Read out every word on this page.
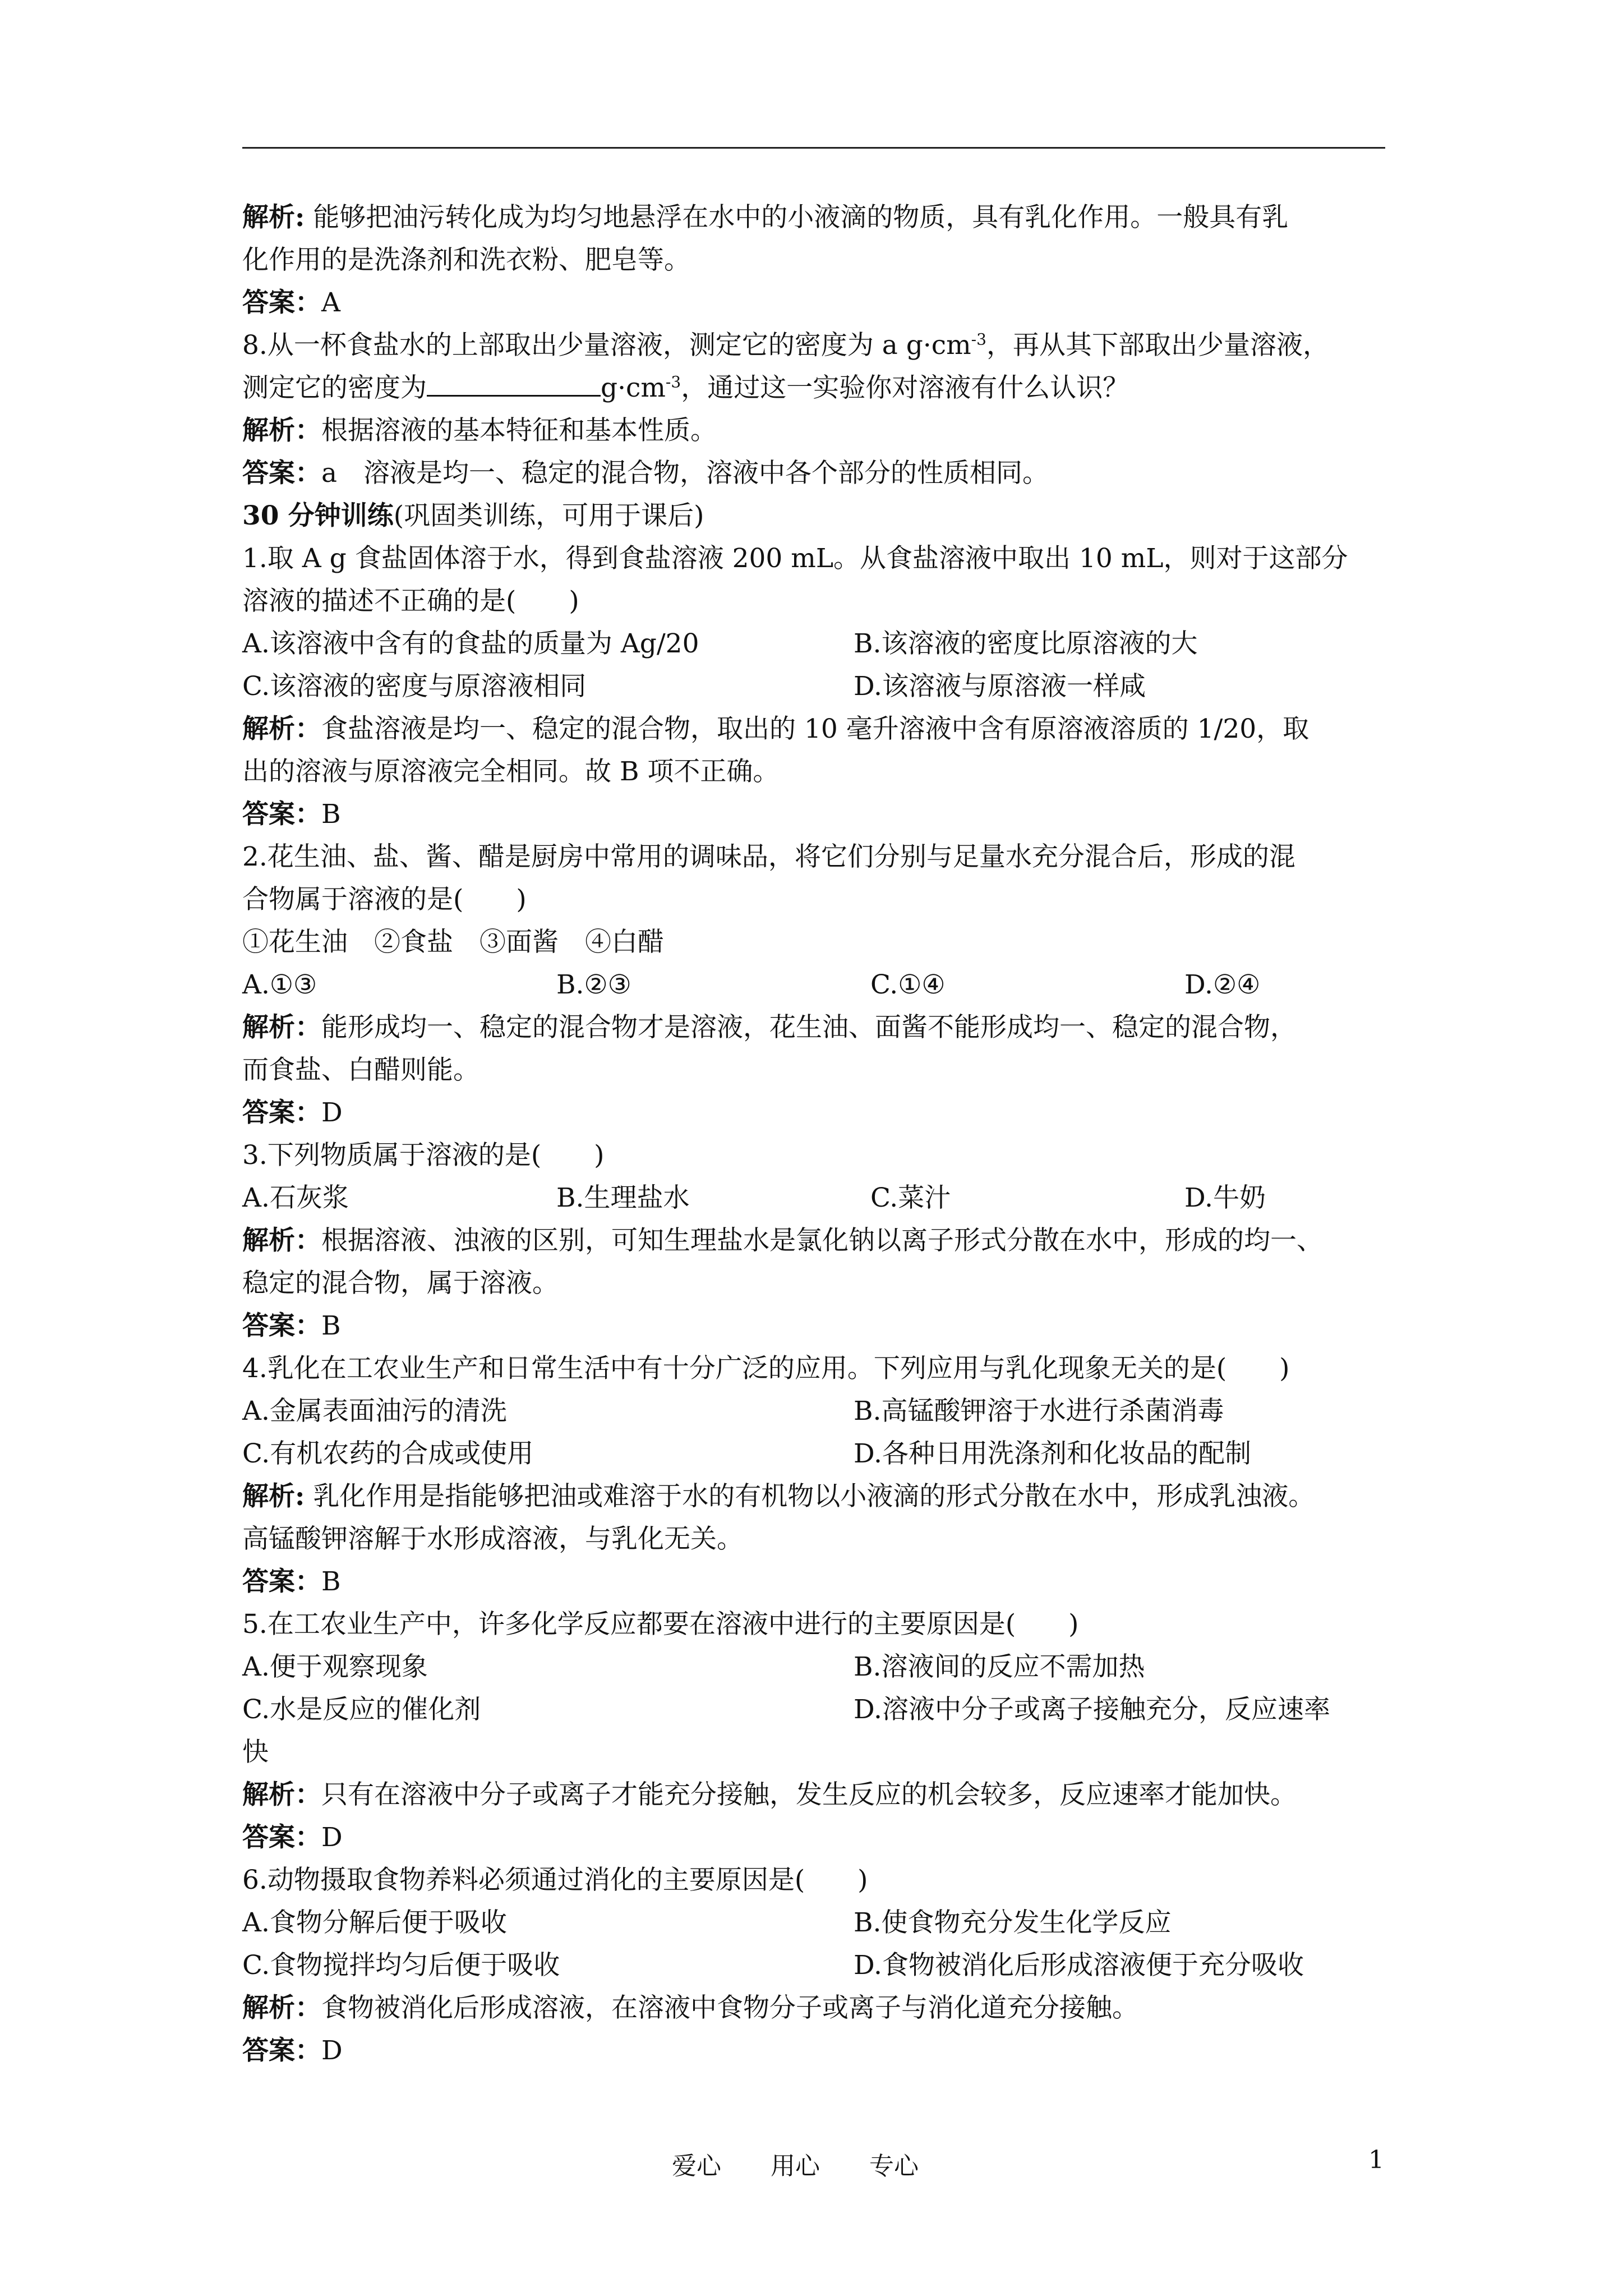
解析: 能够把油污转化成为均匀地悬浮在水中的小液滴的物质，具有乳化作用。一般具有乳
化作用的是洗涤剂和洗衣粉、肥皂等。
答案：A
8.从一杯食盐水的上部取出少量溶液，测定它的密度为 a $g\cdot cm^{-3}$，再从其下部取出少量溶液，
测定它的密度为	$g\cdot cm^{-3}$，通过这一实验你对溶液有什么认识？
解析：根据溶液的基本特征和基本性质。
答案：a　溶液是均一、稳定的混合物，溶液中各个部分的性质相同。
30 分钟训练(巩固类训练，可用于课后)
1.取 A g 食盐固体溶于水，得到食盐溶液 200 mL。从食盐溶液中取出 10 mL，则对于这部分
溶液的描述不正确的是(　　)
A.该溶液中含有的食盐的质量为 Ag/20	B.该溶液的密度比原溶液的大
C.该溶液的密度与原溶液相同	D.该溶液与原溶液一样咸
解析：食盐溶液是均一、稳定的混合物，取出的 10 毫升溶液中含有原溶液溶质的 1/20，取
出的溶液与原溶液完全相同。故 B 项不正确。
答案：B
2.花生油、盐、酱、醋是厨房中常用的调味品，将它们分别与足量水充分混合后，形成的混
合物属于溶液的是(　　)
①花生油　②食盐　③面酱　④白醋
A.①③	B.②③	C.①④	D.②④
解析：能形成均一、稳定的混合物才是溶液，花生油、面酱不能形成均一、稳定的混合物，
而食盐、白醋则能。
答案：D
3.下列物质属于溶液的是(　　)
A.石灰浆	B.生理盐水	C.菜汁	D.牛奶
解析：根据溶液、浊液的区别，可知生理盐水是氯化钠以离子形式分散在水中，形成的均一、
稳定的混合物，属于溶液。
答案：B
4.乳化在工农业生产和日常生活中有十分广泛的应用。下列应用与乳化现象无关的是(　　)
A.金属表面油污的清洗	B.高锰酸钾溶于水进行杀菌消毒
C.有机农药的合成或使用	D.各种日用洗涤剂和化妆品的配制
解析: 乳化作用是指能够把油或难溶于水的有机物以小液滴的形式分散在水中，形成乳浊液。
高锰酸钾溶解于水形成溶液，与乳化无关。
答案：B
5.在工农业生产中，许多化学反应都要在溶液中进行的主要原因是(　　)
A.便于观察现象	B.溶液间的反应不需加热
C.水是反应的催化剂	D.溶液中分子或离子接触充分，反应速率
快
解析：只有在溶液中分子或离子才能充分接触，发生反应的机会较多，反应速率才能加快。
答案：D
6.动物摄取食物养料必须通过消化的主要原因是(　　)
A.食物分解后便于吸收	B.使食物充分发生化学反应
C.食物搅拌均匀后便于吸收	D.食物被消化后形成溶液便于充分吸收
解析：食物被消化后形成溶液，在溶液中食物分子或离子与消化道充分接触。
答案：D
爱心 用心 专心	1
